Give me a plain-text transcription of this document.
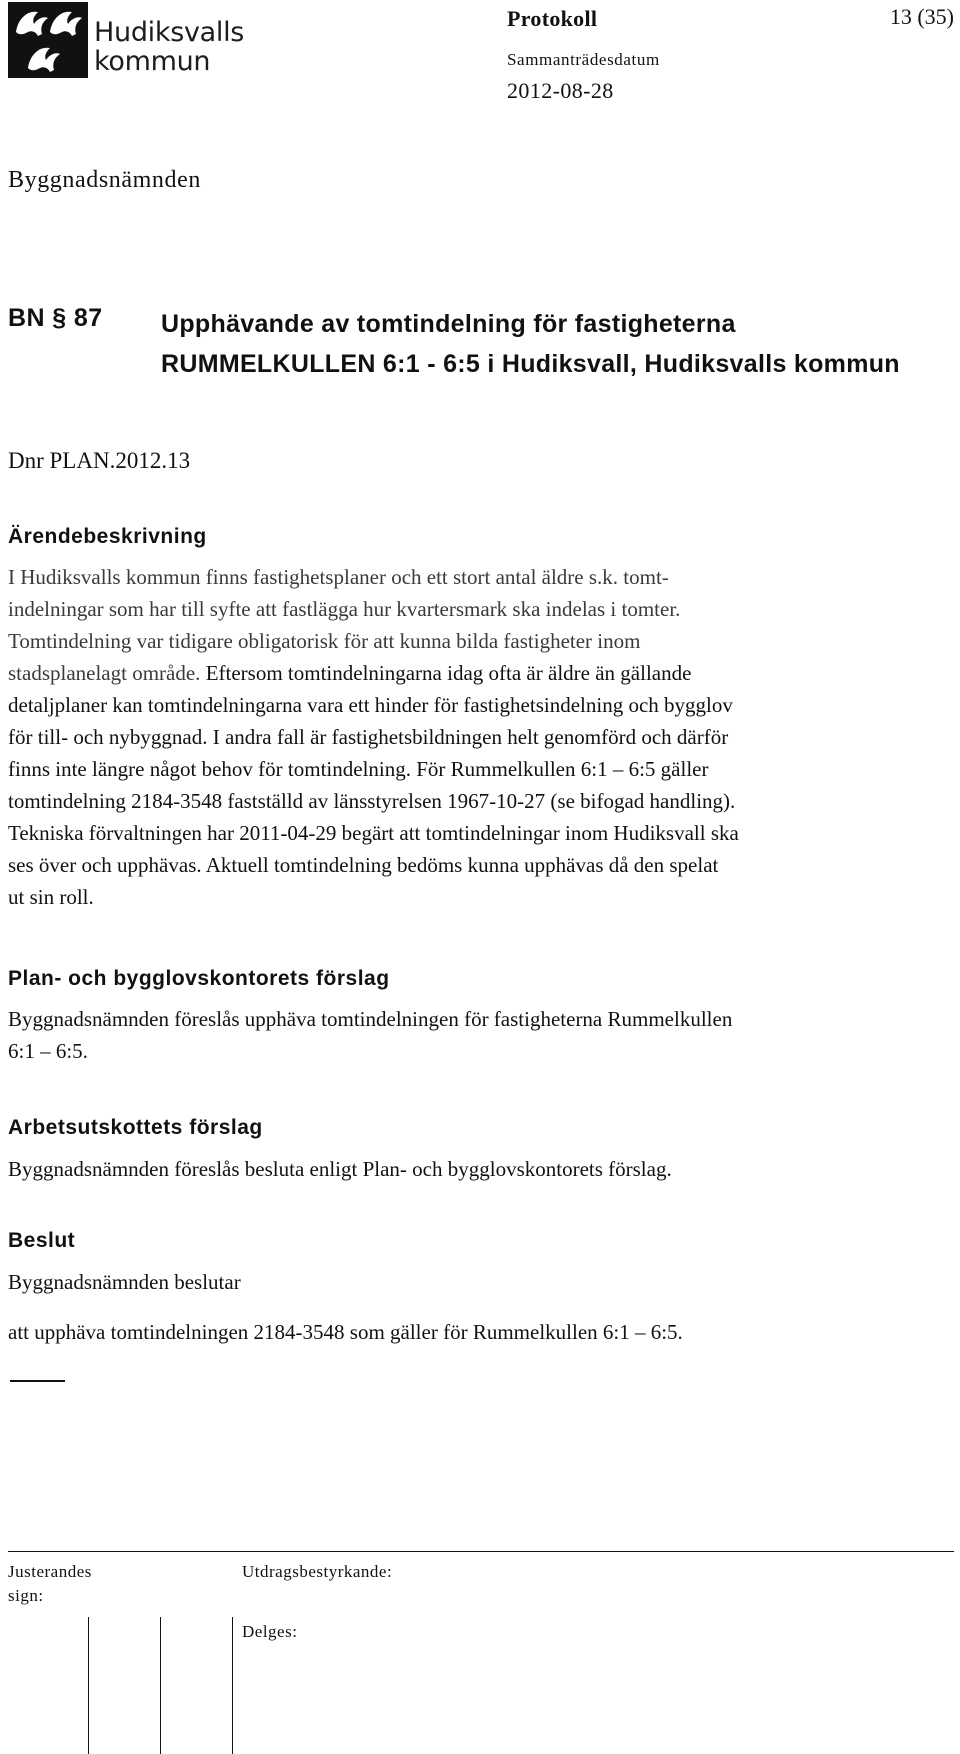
Hudiksvalls
kommun
Protokoll	13 (35)
Sammanträdesdatum
2012-08-28
Byggnadsnämnden
BN § 87 Upphävande av tomtindelning för fastigheterna RUMMELKULLEN 6:1 - 6:5 i Hudiksvall, Hudiksvalls kommun
Dnr PLAN.2012.13
Ärendebeskrivning

I Hudiksvalls kommun finns fastighetsplaner och ett stort antal äldre s.k. tomt-
indelningar som har till syfte att fastlägga hur kvartersmark ska indelas i tomter.
Tomtindelning var tidigare obligatorisk för att kunna bilda fastigheter inom
stadsplanelagt område. Eftersom tomtindelningarna idag ofta är äldre än gällande
detaljplaner kan tomtindelningarna vara ett hinder för fastighetsindelning och bygglov
för till- och nybyggnad. I andra fall är fastighetsbildningen helt genomförd och därför
finns inte längre något behov för tomtindelning. För Rummelkullen 6:1 – 6:5 gäller
tomtindelning 2184-3548 fastställd av länsstyrelsen 1967-10-27 (se bifogad handling).
Tekniska förvaltningen har 2011-04-29 begärt att tomtindelningar inom Hudiksvall ska
ses över och upphävas. Aktuell tomtindelning bedöms kunna upphävas då den spelat
ut sin roll.

Plan- och bygglovskontorets förslag

Byggnadsnämnden föreslås upphäva tomtindelningen för fastigheterna Rummelkullen
6:1 – 6:5.

Arbetsutskottets förslag

Byggnadsnämnden föreslås besluta enligt Plan- och bygglovskontorets förslag.

Beslut

Byggnadsnämnden beslutar

att upphäva tomtindelningen 2184-3548 som gäller för Rummelkullen 6:1 – 6:5.

Justerandes
sign:
Utdragsbestyrkande:
Delges:
